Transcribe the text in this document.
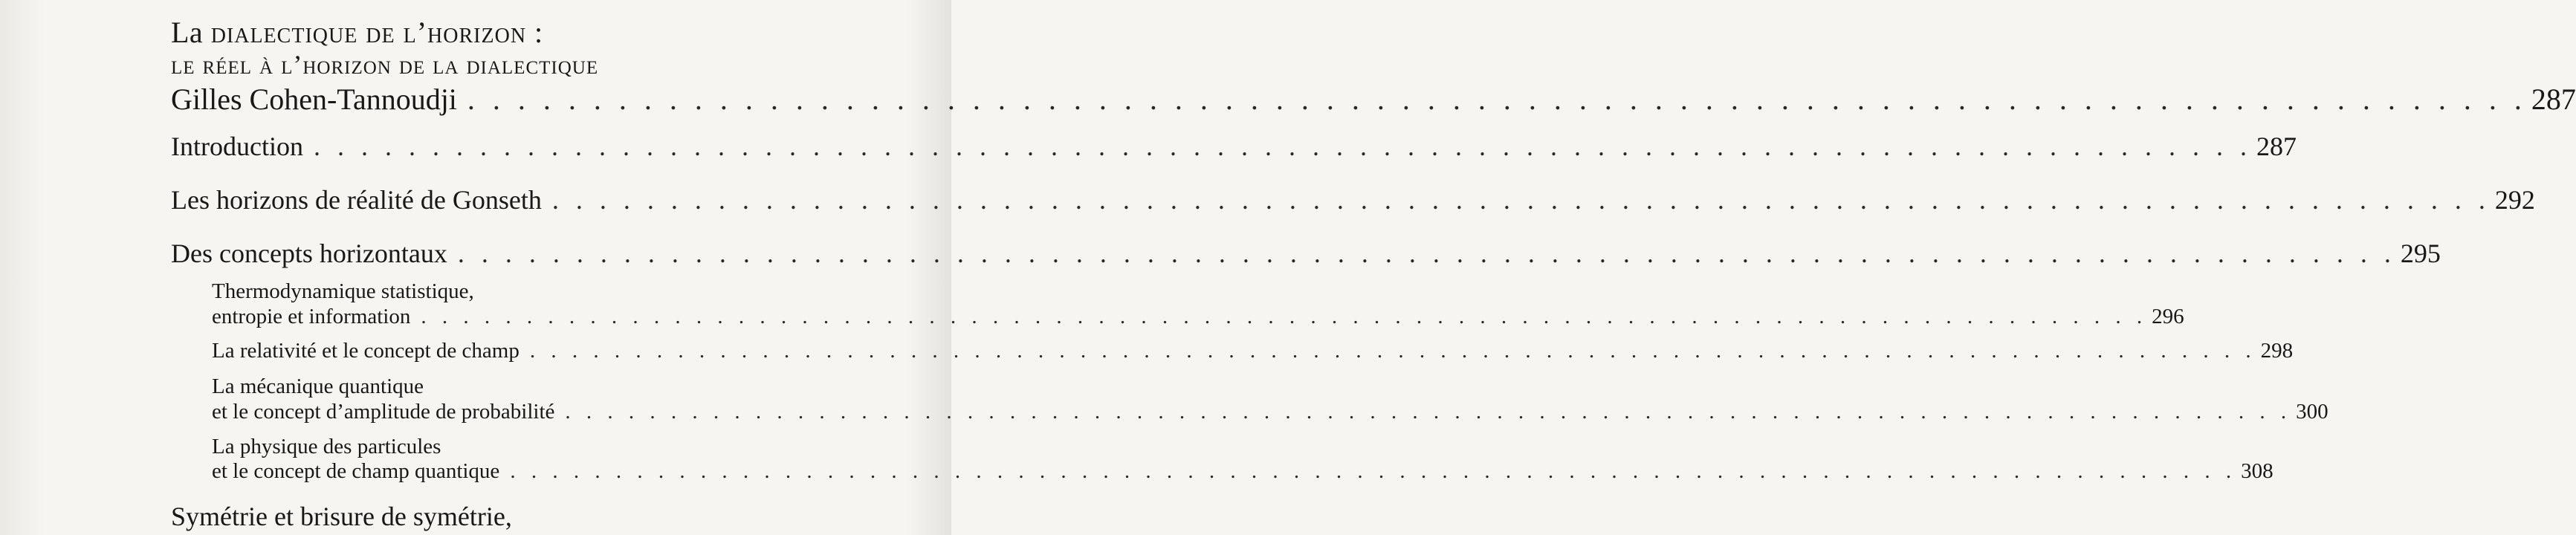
La dialectique de l’horizon :
le réel à l’horizon de la dialectique
Gilles Cohen-Tannoudji . . . . . . . . . . . . . . . . . . . . . . . . . . . . . . . . . . . . . . . . . . . . . . . . . . . . . . . . . . . . . . . . . . . . . . . . . . . . . . . . . . 287
Introduction . . . . . . . . . . . . . . . . . . . . . . . . . . . . . . . . . . . . . . . . . . . . . . . . . . . . . . . . . . . . . . . . . . . . . . . . . . . . . . . . . . 287
Les horizons de réalité de Gonseth . . . . . . . . . . . . . . . . . . . . . . . . . . . . . . . . . . . . . . . . . . . . . . . . . . . . . . . . . . . . . . . . . . . . . . . . . . . . . . . . . . 292
Des concepts horizontaux . . . . . . . . . . . . . . . . . . . . . . . . . . . . . . . . . . . . . . . . . . . . . . . . . . . . . . . . . . . . . . . . . . . . . . . . . . . . . . . . . . 295
Thermodynamique statistique,
entropie et information . . . . . . . . . . . . . . . . . . . . . . . . . . . . . . . . . . . . . . . . . . . . . . . . . . . . . . . . . . . . . . . . . . . . . . . . . . . . . . . . . . 296
La relativité et le concept de champ . . . . . . . . . . . . . . . . . . . . . . . . . . . . . . . . . . . . . . . . . . . . . . . . . . . . . . . . . . . . . . . . . . . . . . . . . . . . . . . . . . 298
La mécanique quantique
et le concept d’amplitude de probabilité . . . . . . . . . . . . . . . . . . . . . . . . . . . . . . . . . . . . . . . . . . . . . . . . . . . . . . . . . . . . . . . . . . . . . . . . . . . . . . . . . . 300
La physique des particules
et le concept de champ quantique . . . . . . . . . . . . . . . . . . . . . . . . . . . . . . . . . . . . . . . . . . . . . . . . . . . . . . . . . . . . . . . . . . . . . . . . . . . . . . . . . . 308
Symétrie et brisure de symétrie,
